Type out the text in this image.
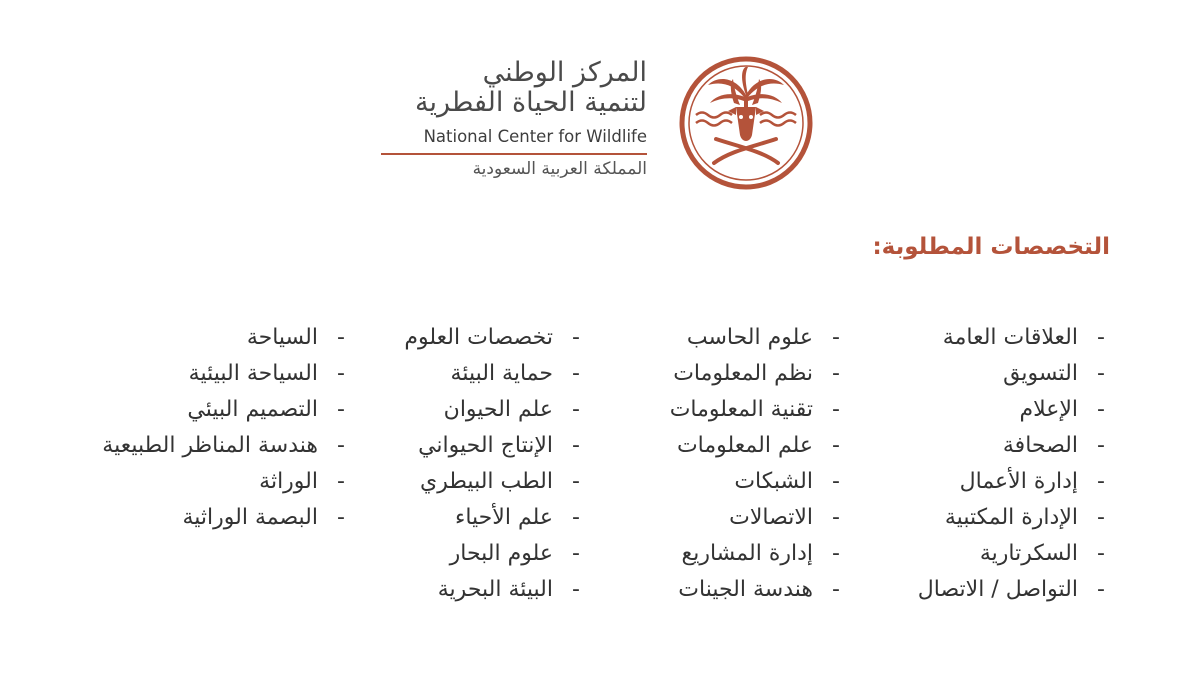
المركز الوطني
لتنمية الحياة الفطرية
National Center for Wildlife
المملكة العربية السعودية
التخصصات المطلوبة:
- العلاقات العامة
- التسويق
- الإعلام
- الصحافة
- إدارة الأعمال
- الإدارة المكتبية
- السكرتارية
- التواصل / الاتصال
- علوم الحاسب
- نظم المعلومات
- تقنية المعلومات
- علم المعلومات
- الشبكات
- الاتصالات
- إدارة المشاريع
- هندسة الجينات
- تخصصات العلوم
- حماية البيئة
- علم الحيوان
- الإنتاج الحيواني
- الطب البيطري
- علم الأحياء
- علوم البحار
- البيئة البحرية
- السياحة
- السياحة البيئية
- التصميم البيئي
- هندسة المناظر الطبيعية
- الوراثة
- البصمة الوراثية
